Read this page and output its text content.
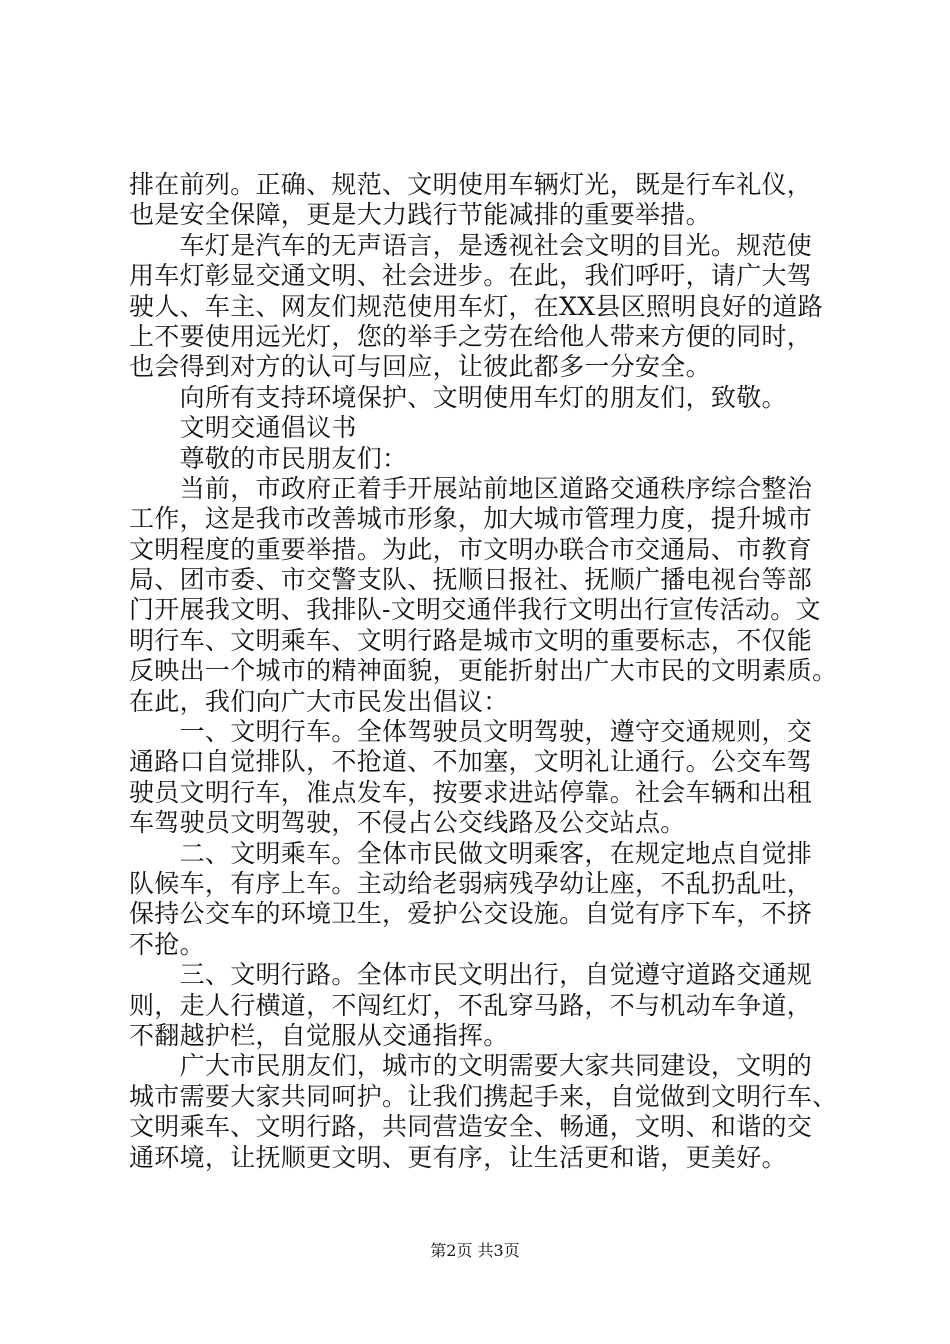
排在前列。正确、规范、文明使用车辆灯光，既是行车礼仪，
也是安全保障，更是大力践行节能减排的重要举措。
　　车灯是汽车的无声语言，是透视社会文明的目光。规范使
用车灯彰显交通文明、社会进步。在此，我们呼吁，请广大驾
驶人、车主、网友们规范使用车灯，在XX县区照明良好的道路
上不要使用远光灯，您的举手之劳在给他人带来方便的同时，
也会得到对方的认可与回应，让彼此都多一分安全。
　　向所有支持环境保护、文明使用车灯的朋友们，致敬。
　　文明交通倡议书
　　尊敬的市民朋友们：
　　当前，市政府正着手开展站前地区道路交通秩序综合整治
工作，这是我市改善城市形象，加大城市管理力度，提升城市
文明程度的重要举措。为此，市文明办联合市交通局、市教育
局、团市委、市交警支队、抚顺日报社、抚顺广播电视台等部
门开展我文明、我排队-文明交通伴我行文明出行宣传活动。文
明行车、文明乘车、文明行路是城市文明的重要标志，不仅能
反映出一个城市的精神面貌，更能折射出广大市民的文明素质。
在此，我们向广大市民发出倡议：
　　一、文明行车。全体驾驶员文明驾驶，遵守交通规则，交
通路口自觉排队，不抢道、不加塞，文明礼让通行。公交车驾
驶员文明行车，准点发车，按要求进站停靠。社会车辆和出租
车驾驶员文明驾驶，不侵占公交线路及公交站点。
　　二、文明乘车。全体市民做文明乘客，在规定地点自觉排
队候车，有序上车。主动给老弱病残孕幼让座，不乱扔乱吐，
保持公交车的环境卫生，爱护公交设施。自觉有序下车，不挤
不抢。
　　三、文明行路。全体市民文明出行，自觉遵守道路交通规
则，走人行横道，不闯红灯，不乱穿马路，不与机动车争道，
不翻越护栏，自觉服从交通指挥。
　　广大市民朋友们，城市的文明需要大家共同建设，文明的
城市需要大家共同呵护。让我们携起手来，自觉做到文明行车、
文明乘车、文明行路，共同营造安全、畅通，文明、和谐的交
通环境，让抚顺更文明、更有序，让生活更和谐，更美好。
第2页 共3页
